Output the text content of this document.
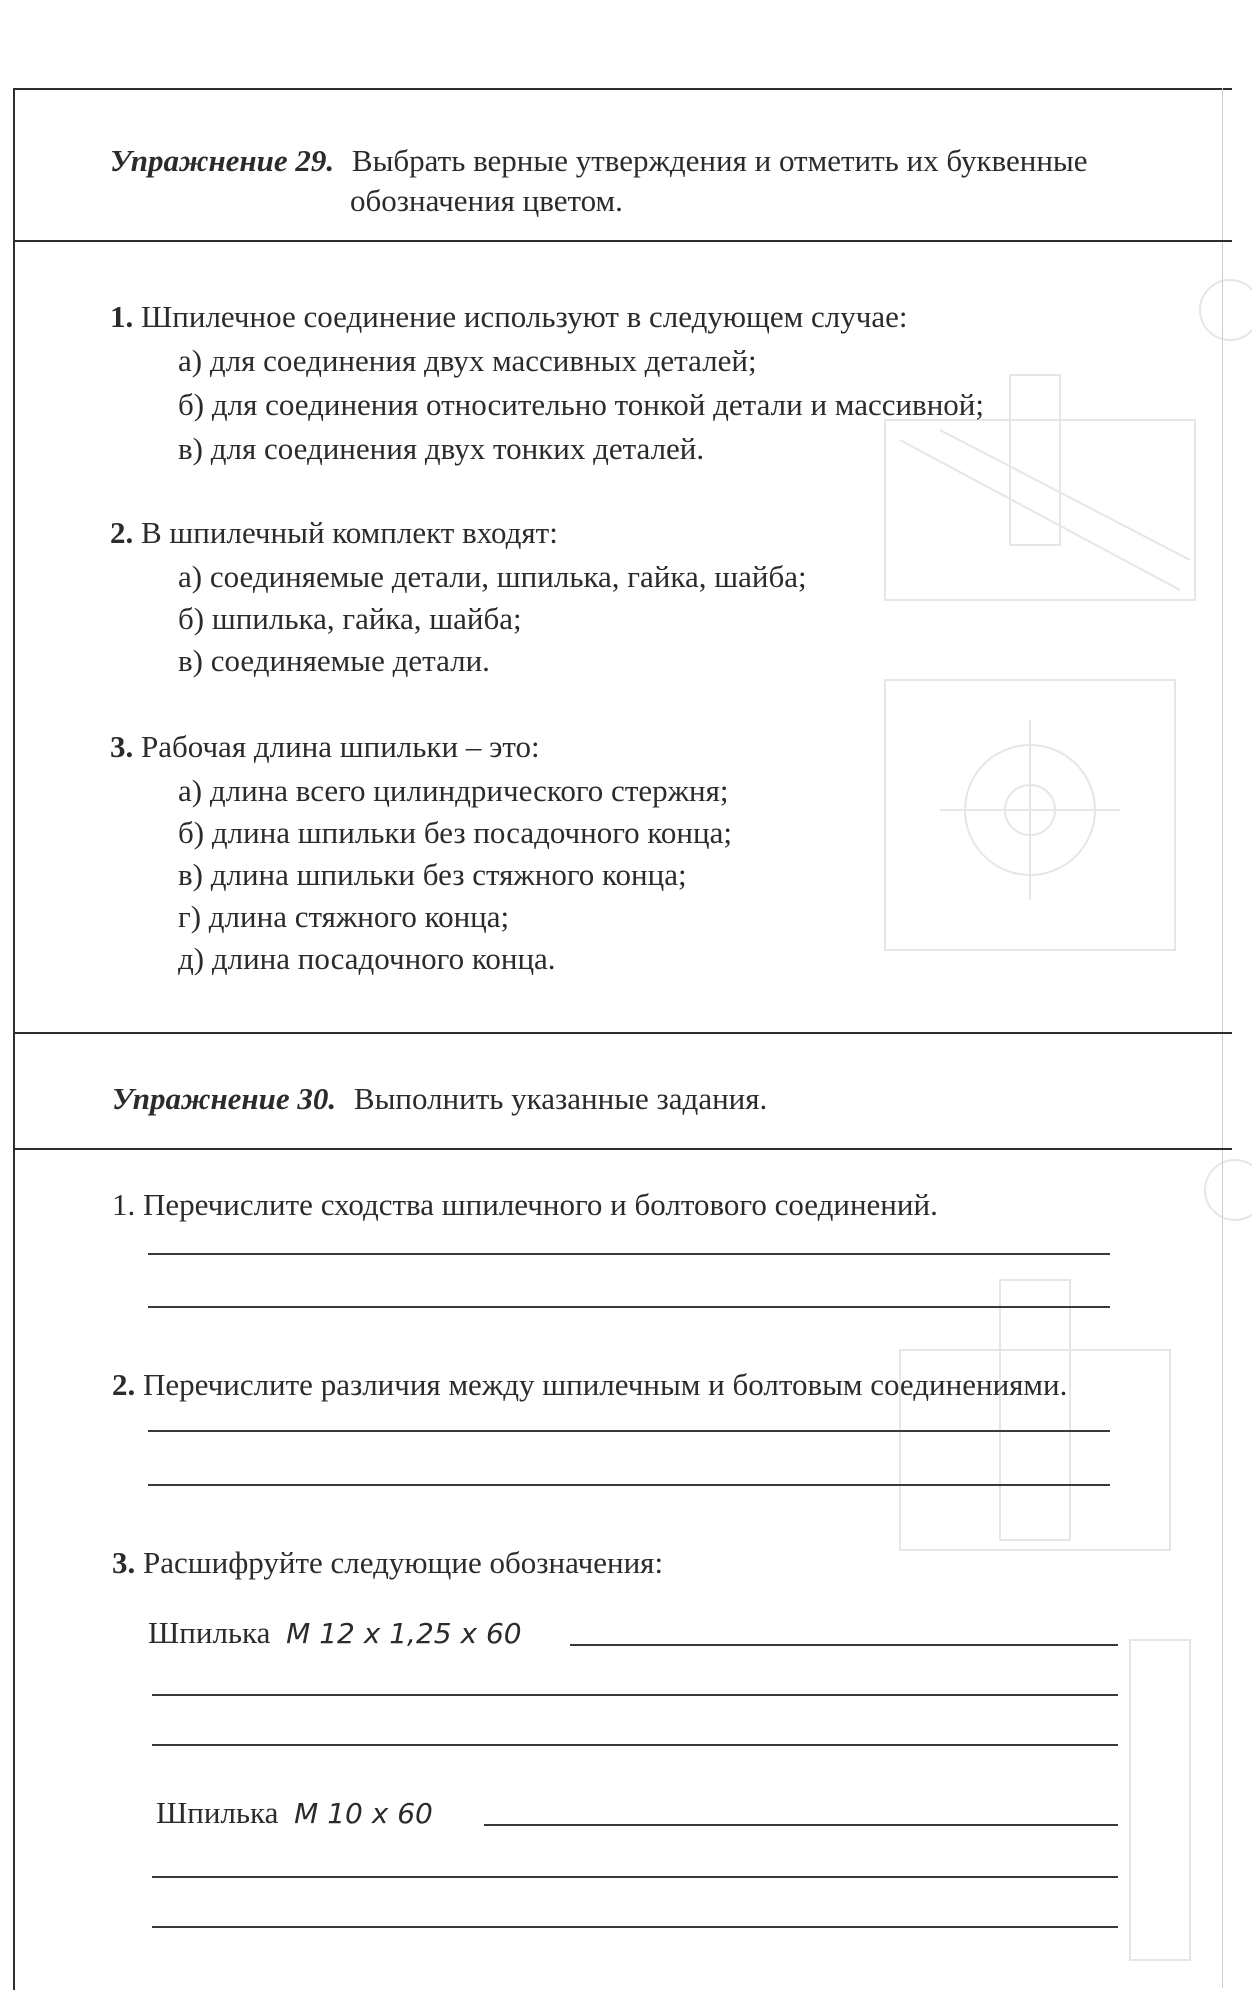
Упражнение 29. Выбрать верные утверждения и отметить их буквенные
обозначения цветом.
1. Шпилечное соединение используют в следующем случае:
а) для соединения двух массивных деталей;
б) для соединения относительно тонкой детали и массивной;
в) для соединения двух тонких деталей.
2. В шпилечный комплект входят:
а) соединяемые детали, шпилька, гайка, шайба;
б) шпилька, гайка, шайба;
в) соединяемые детали.
3. Рабочая длина шпильки – это:
а) длина всего цилиндрического стержня;
б) длина шпильки без посадочного конца;
в) длина шпильки без стяжного конца;
г) длина стяжного конца;
д) длина посадочного конца.
Упражнение 30. Выполнить указанные задания.
1. Перечислите сходства шпилечного и болтового соединений.
2. Перечислите различия между шпилечным и болтовым соединениями.
3. Расшифруйте следующие обозначения:
Шпилька М 12 х 1,25 х 60
Шпилька М 10 х 60
